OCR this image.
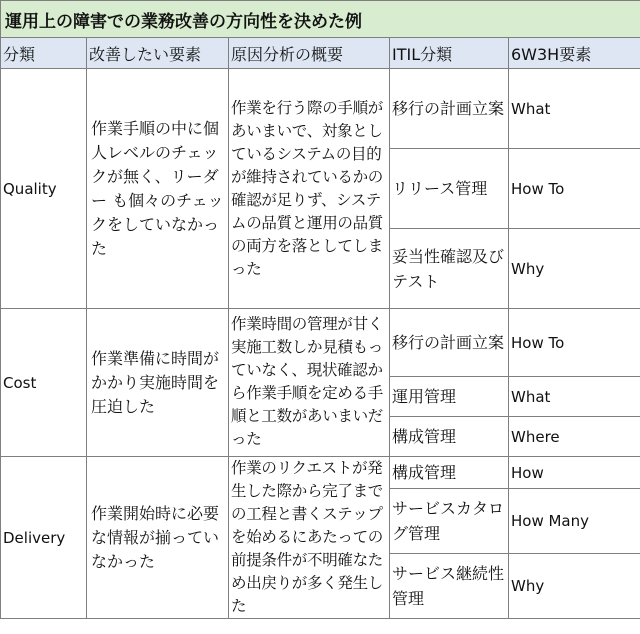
運用上の障害での業務改善の方向性を決めた例				
分類	改善したい要素	原因分析の概要	ITIL分類	6W3H要素
Quality	作業手順の中に個人レベルのチェックが無く、リーダー も個々のチェックをしていなかった	作業を行う際の手順があいまいで、対象としているシステムの目的が維持されているかの確認が足りず、システムの品質と運用の品質の両方を落としてしまった	移行の計画立案	What
			リリース管理	How To
			妥当性確認及びテスト	Why
Cost	作業準備に時間がかかり実施時間を圧迫した	作業時間の管理が甘く実施工数しか見積もっていなく、現状確認から作業手順を定める手順と工数があいまいだった	移行の計画立案	How To
			運用管理	What
			構成管理	Where
Delivery	作業開始時に必要な情報が揃っていなかった	作業のリクエストが発生した際から完了までの工程と書くステップを始めるにあたっての前提条件が不明確なため出戻りが多く発生した	構成管理	How
			サービスカタログ管理	How Many
			サービス継続性管理	Why
